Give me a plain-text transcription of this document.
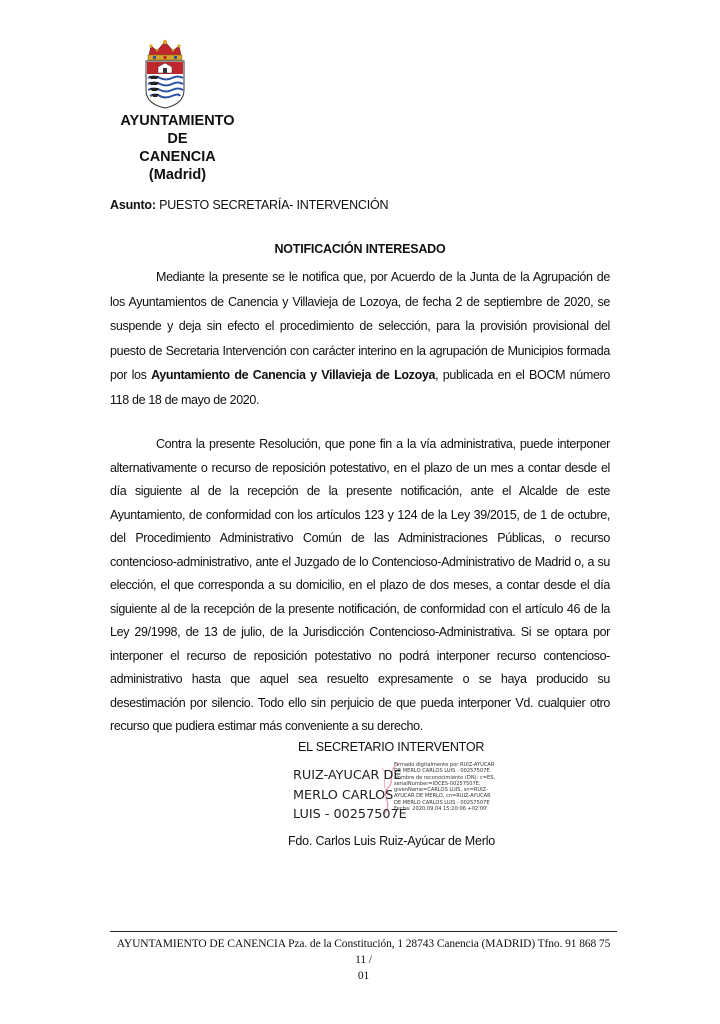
AYUNTAMIENTO
DE
CANENCIA
(Madrid)
Asunto: PUESTO SECRETARÍA- INTERVENCIÓN
NOTIFICACIÓN INTERESADO

Mediante la presente se le notifica que, por Acuerdo de la Junta de la Agrupación de los Ayuntamientos de Canencia y Villavieja de Lozoya, de fecha 2 de septiembre de 2020, se suspende y deja sin efecto el procedimiento de selección, para la provisión provisional del puesto de Secretaria Intervención con carácter interino en la agrupación de Municipios formada por los Ayuntamiento de Canencia y Villavieja de Lozoya, publicada en el BOCM número 118 de 18 de mayo de 2020.

Contra la presente Resolución, que pone fin a la vía administrativa, puede interponer alternativamente o recurso de reposición potestativo, en el plazo de un mes a contar desde el día siguiente al de la recepción de la presente notificación, ante el Alcalde de este Ayuntamiento, de conformidad con los artículos 123 y 124 de la Ley 39/2015, de 1 de octubre, del Procedimiento Administrativo Común de las Administraciones Públicas, o recurso contencioso-administrativo, ante el Juzgado de lo Contencioso-Administrativo de Madrid o, a su elección, el que corresponda a su domicilio, en el plazo de dos meses, a contar desde el día siguiente al de la recepción de la presente notificación, de conformidad con el artículo 46 de la Ley 29/1998, de 13 de julio, de la Jurisdicción Contencioso-Administrativa. Si se optara por interponer el recurso de reposición potestativo no podrá interponer recurso contencioso-administrativo hasta que aquel sea resuelto expresamente o se haya producido su desestimación por silencio. Todo ello sin perjuicio de que pueda interponer Vd. cualquier otro recurso que pudiera estimar más conveniente a su derecho.

EL SECRETARIO INTERVENTOR
RUIZ-AYUCAR DE
MERLO CARLOS
LUIS - 00257507E
Firmado digitalmente por RUIZ-AYUCAR
DE MERLO CARLOS LUIS - 00257507E
Nombre de reconocimiento (DN): c=ES,
serialNumber=IDCES-00257507E,
givenName=CARLOS LUIS, sn=RUIZ-
AYUCAR DE MERLO, cn=RUIZ-AYUCAR
DE MERLO CARLOS LUIS - 00257507E
Fecha: 2020.09.04 15:20:06 +02'00'
Fdo. Carlos Luis Ruiz-Ayúcar de Merlo
AYUNTAMIENTO DE CANENCIA Pza. de la Constitución, 1 28743 Canencia (MADRID) Tfno. 91 868 75 11 /
01
